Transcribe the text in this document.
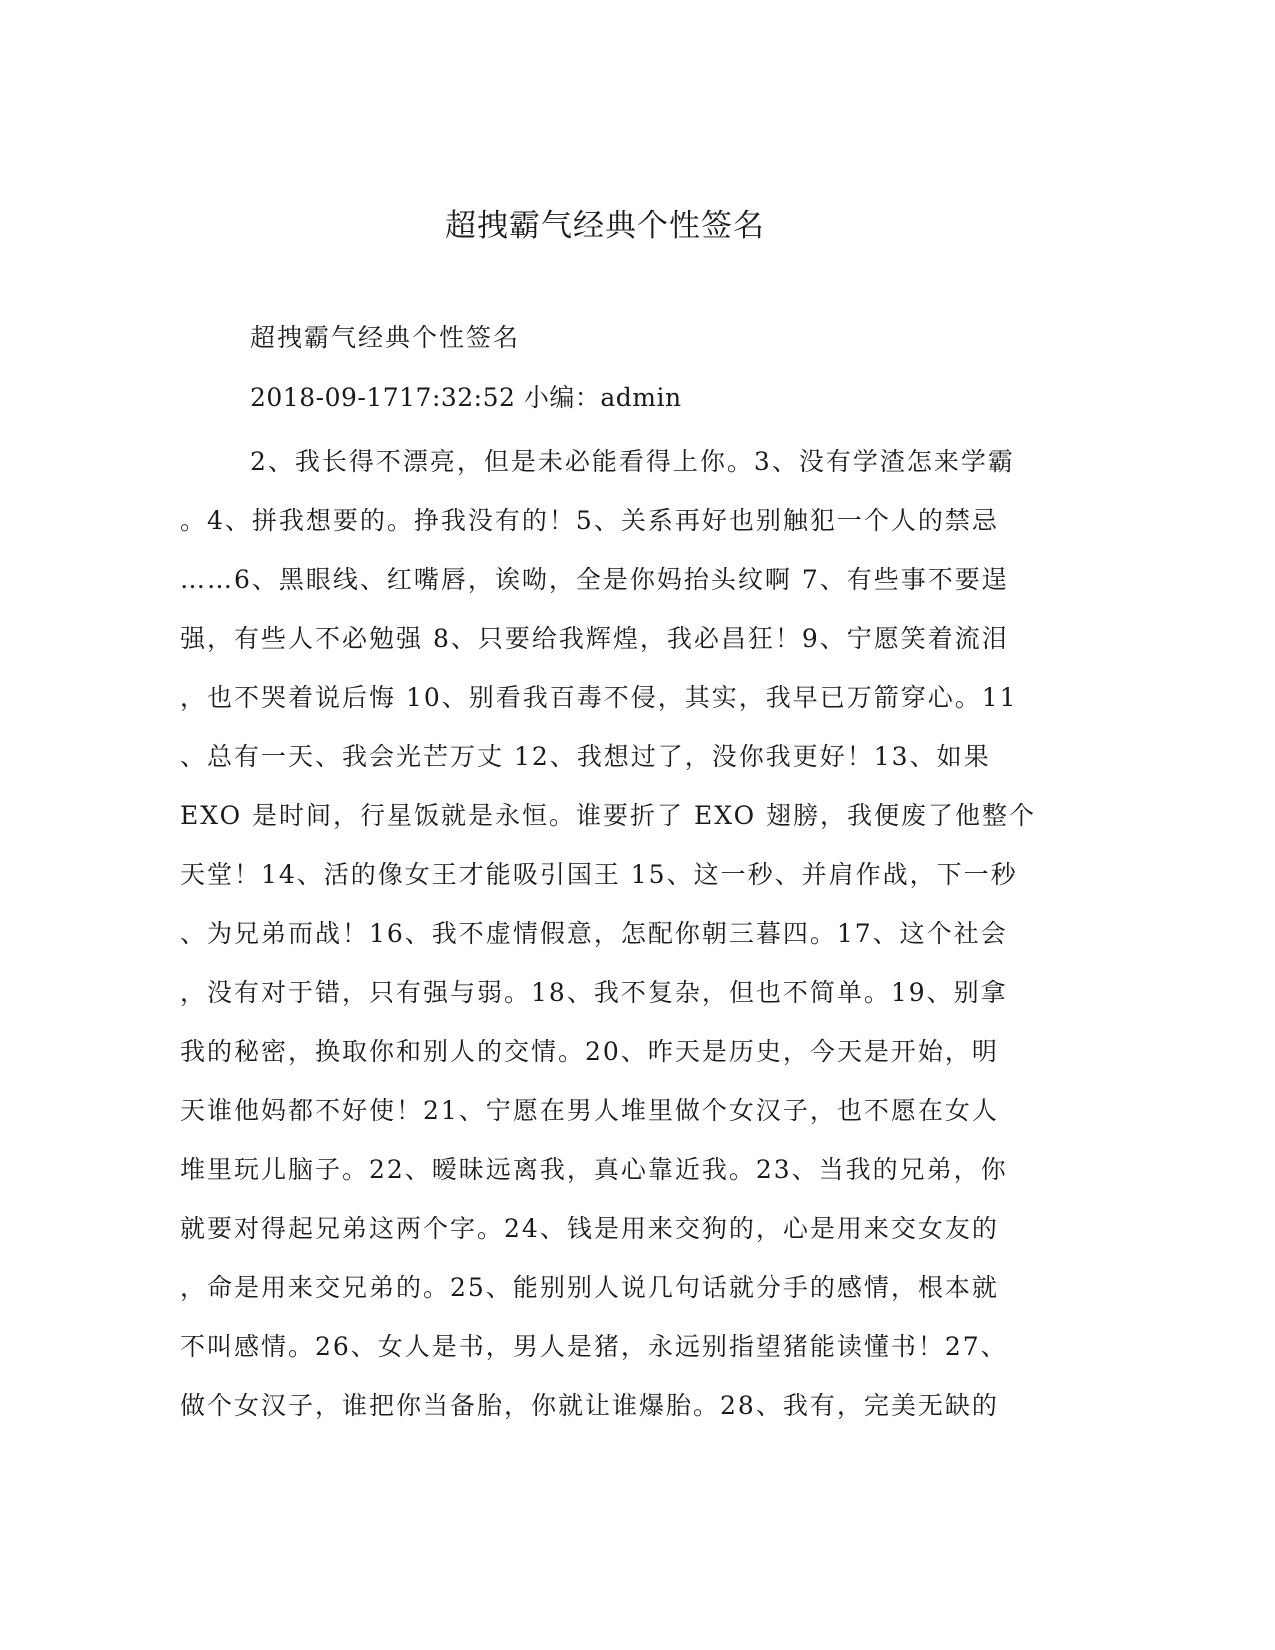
超拽霸气经典个性签名

超拽霸气经典个性签名

2018-09-1717:32:52 小编：admin

2、我长得不漂亮，但是未必能看得上你。3、没有学渣怎来学霸
。4、拼我想要的。挣我没有的！5、关系再好也别触犯一个人的禁忌
……6、黑眼线、红嘴唇，诶呦，全是你妈抬头纹啊 7、有些事不要逞
强，有些人不必勉强 8、只要给我辉煌，我必昌狂！9、宁愿笑着流泪
，也不哭着说后悔 10、别看我百毒不侵，其实，我早已万箭穿心。11
、总有一天、我会光芒万丈 12、我想过了，没你我更好！13、如果
EXO 是时间，行星饭就是永恒。谁要折了 EXO 翅膀，我便废了他整个
天堂！14、活的像女王才能吸引国王 15、这一秒、并肩作战，下一秒
、为兄弟而战！16、我不虚情假意，怎配你朝三暮四。17、这个社会
，没有对于错，只有强与弱。18、我不复杂，但也不简单。19、别拿
我的秘密，换取你和别人的交情。20、昨天是历史，今天是开始，明
天谁他妈都不好使！21、宁愿在男人堆里做个女汉子，也不愿在女人
堆里玩儿脑子。22、暧昧远离我，真心靠近我。23、当我的兄弟，你
就要对得起兄弟这两个字。24、钱是用来交狗的，心是用来交女友的
，命是用来交兄弟的。25、能别别人说几句话就分手的感情，根本就
不叫感情。26、女人是书，男人是猪，永远别指望猪能读懂书！27、
做个女汉子，谁把你当备胎，你就让谁爆胎。28、我有，完美无缺的
